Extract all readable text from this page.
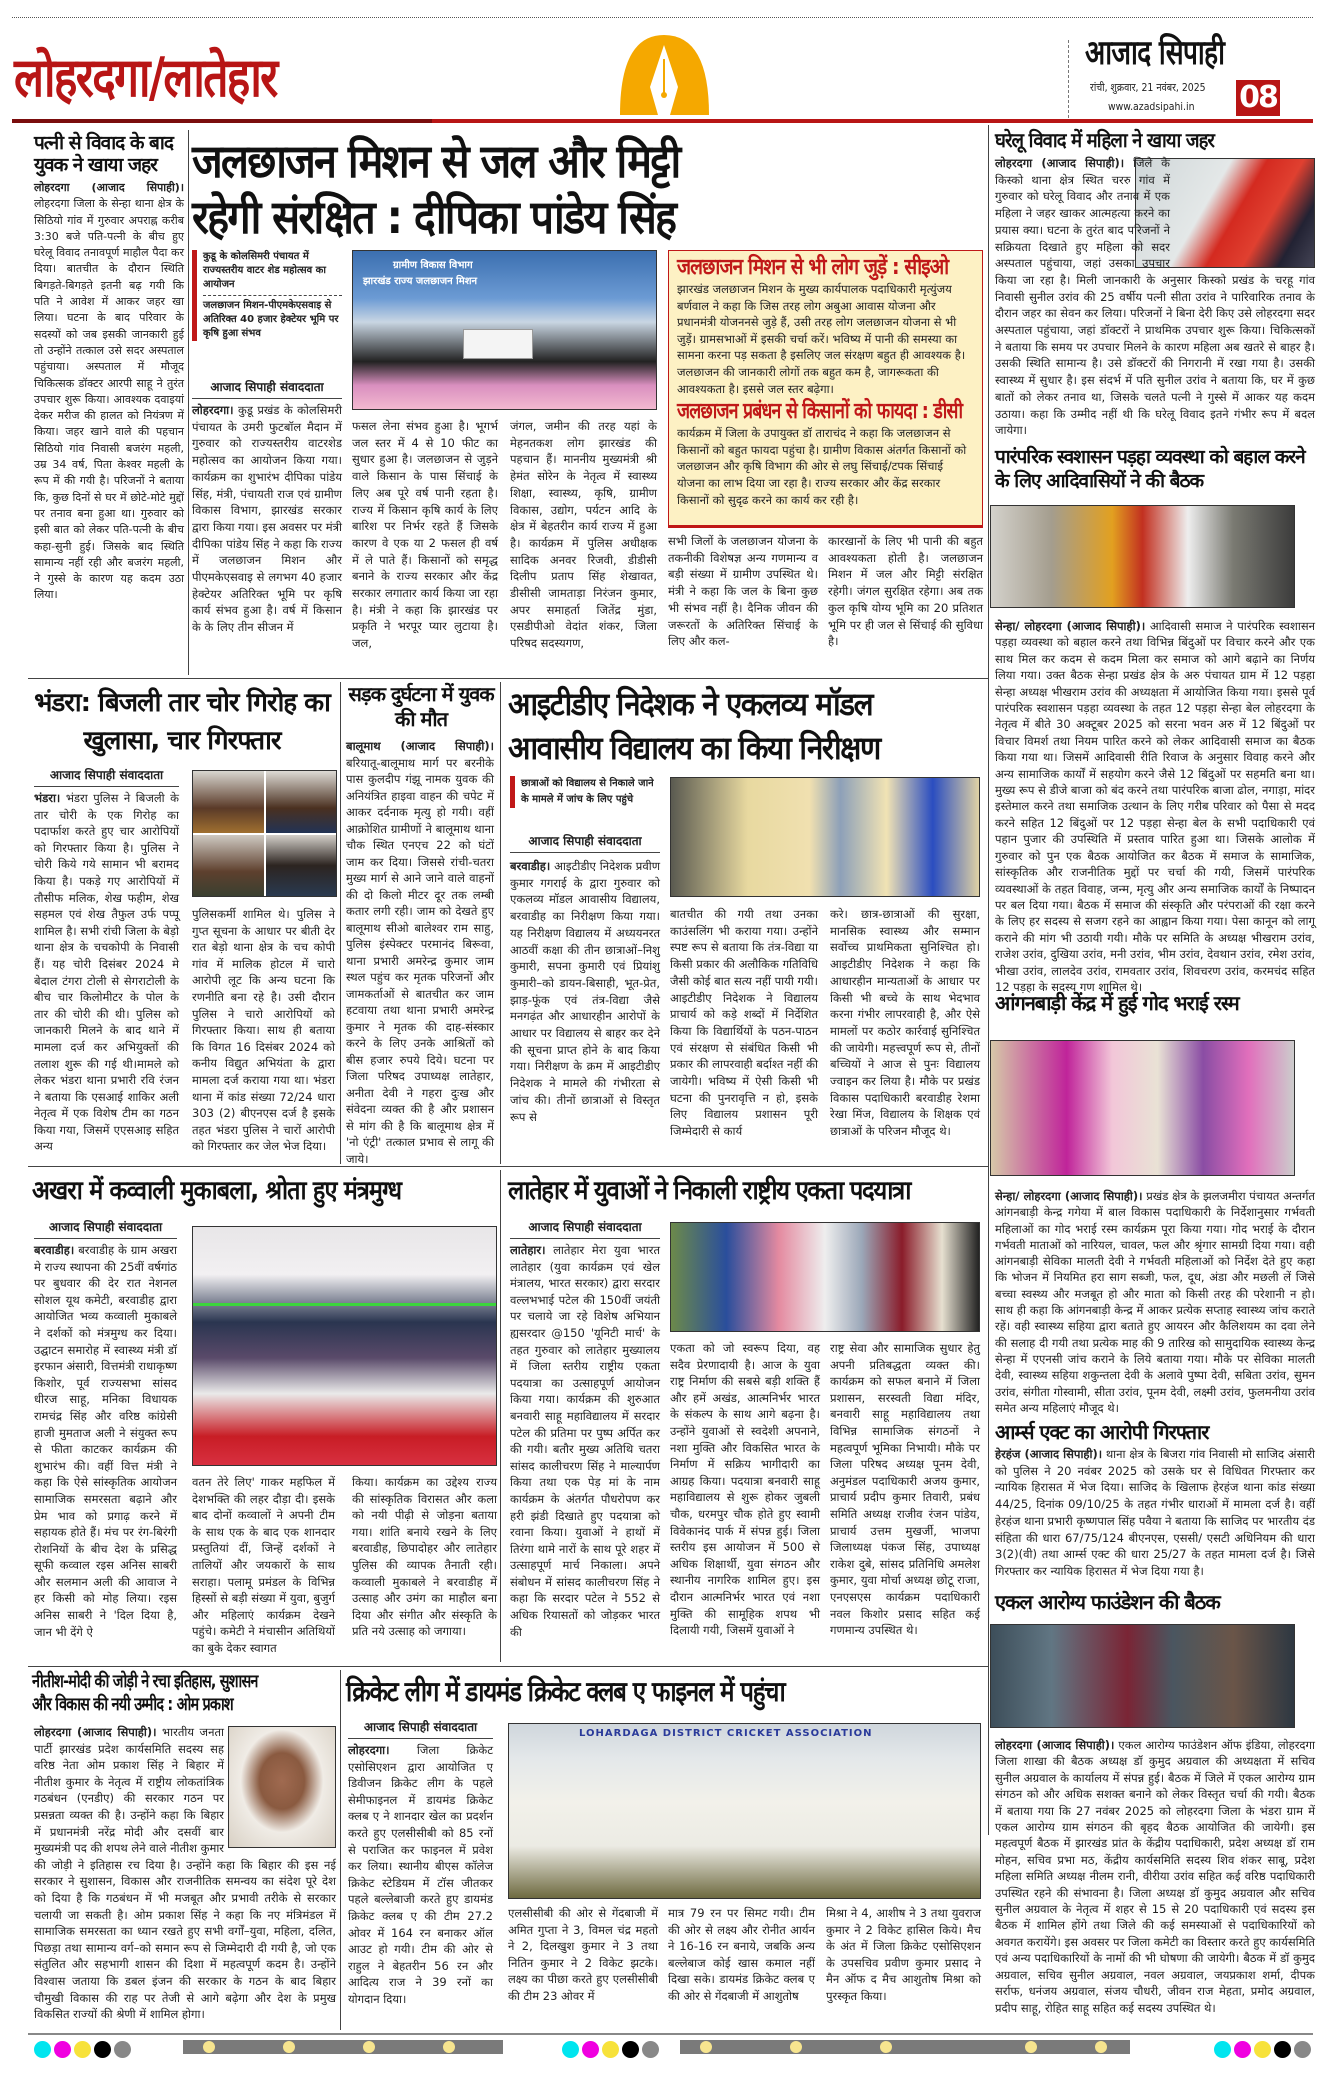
लोहरदगा/लातेहार	आजाद सिपाही
रांची, शुक्रवार, 21 नवंबर, 2025
www.azadsipahi.in 08
पत्नी से विवाद के बाद युवक ने खाया जहर
लोहरदगा (आजाद सिपाही)। लोहरदगा जिला के सेन्हा थाना क्षेत्र के सिठियो गांव में गुरुवार अपराह्न करीब 3:30 बजे पति-पत्नी के बीच हुए घरेलू विवाद तनावपूर्ण माहौल पैदा कर दिया। बातचीत के दौरान स्थिति बिगड़ते-बिगड़ते इतनी बढ़ गयी कि पति ने आवेश में आकर जहर खा लिया। घटना के बाद परिवार के सदस्यों को जब इसकी जानकारी हुई तो उन्होंने तत्काल उसे सदर अस्पताल पहुंचाया। अस्पताल में मौजूद चिकित्सक डॉक्टर आरपी साहू ने तुरंत उपचार शुरू किया। आवश्यक दवाइयां देकर मरीज की हालत को नियंत्रण में किया। जहर खाने वाले की पहचान सिठियो गांव निवासी बजरंग महली, उम्र 34 वर्ष, पिता केश्वर महली के रूप में की गयी है। परिजनों ने बताया कि, कुछ दिनों से घर में छोटे-मोटे मुद्दों पर तनाव बना हुआ था। गुरुवार को इसी बात को लेकर पति-पत्नी के बीच कहा-सुनी हुई। जिसके बाद स्थिति सामान्य नहीं रही और बजरंग महली, ने गुस्से के कारण यह कदम उठा लिया।
जलछाजन मिशन से जल और मिट्टी
रहेगी संरक्षित : दीपिका पांडेय सिंह
कुडू के कोलसिमरी पंचायत में राज्यस्तरीय वाटर शेड महोत्सव का आयोजन
जलछाजन मिशन-पीएमकेएसवाइ से अतिरिक्त 40 हजार हेक्टेयर भूमि पर कृषि हुआ संभव
आजाद सिपाही संवाददाता
लोहरदगा। कुडू प्रखंड के कोलसिमरी पंचायत के उमरी फुटबॉल मैदान में गुरुवार को राज्यस्तरीय वाटरशेड महोत्सव का आयोजन किया गया। कार्यक्रम का शुभारंभ दीपिका पांडेय सिंह, मंत्री, पंचायती राज एवं ग्रामीण विकास विभाग, झारखंड सरकार द्वारा किया गया। इस अवसर पर मंत्री दीपिका पांडेय सिंह ने कहा कि राज्य में जलछाजन मिशन और पीएमकेएसवाइ से लगभग 40 हजार हेक्टेयर अतिरिक्त भूमि पर कृषि कार्य संभव हुआ है। वर्ष में किसान के के लिए तीन सीजन में
ग्रामीण विकास विभाग
झारखंड राज्य जलछाजन मिशन
फसल लेना संभव हुआ है। भूगर्भ जल स्तर में 4 से 10 फीट का सुधार हुआ है। जलछाजन से जुड़ने वाले किसान के पास सिंचाई के लिए अब पूरे वर्ष पानी रहता है। राज्य में किसान कृषि कार्य के लिए बारिश पर निर्भर रहते हैं जिसके कारण वे एक या 2 फसल ही वर्ष में ले पाते हैं। किसानों को समृद्ध बनाने के राज्य सरकार और केंद्र सरकार लगातार कार्य किया जा रहा है। मंत्री ने कहा कि झारखंड पर प्रकृति ने भरपूर प्यार लुटाया है। जल,
जंगल, जमीन की तरह यहां के मेहनतकश लोग झारखंड की पहचान हैं। माननीय मुख्यमंत्री श्री हेमंत सोरेन के नेतृत्व में स्वास्थ्य शिक्षा, स्वास्थ्य, कृषि, ग्रामीण विकास, उद्योग, पर्यटन आदि के क्षेत्र में बेहतरीन कार्य राज्य में हुआ है। कार्यक्रम में पुलिस अधीक्षक सादिक अनवर रिजवी, डीडीसी दिलीप प्रताप सिंह शेखावत, डीसीसी जामताड़ा निरंजन कुमार, अपर समाहर्ता जितेंद्र मुंडा, एसडीपीओ वेदांत शंकर, जिला परिषद सदस्यगण,
जलछाजन मिशन से भी लोग जुड़ें : सीइओ

झारखंड जलछाजन मिशन के मुख्य कार्यपालक पदाधिकारी मृत्युंजय बर्णवाल ने कहा कि जिस तरह लोग अबुआ आवास योजना और प्रधानमंत्री योजननसे जुड़े हैं, उसी तरह लोग जलछाजन योजना से भी जुड़ें। ग्रामसभाओं में इसकी चर्चा करें। भविष्य में पानी की समस्या का सामना करना पड़ सकता है इसलिए जल संरक्षण बहुत ही आवश्यक है। जलछाजन की जानकारी लोगों तक बहुत कम है, जागरूकता की आवश्यकता है। इससे जल स्तर बढ़ेगा।

जलछाजन प्रबंधन से किसानों को फायदा : डीसी

कार्यक्रम में जिला के उपायुक्त डॉ ताराचंद ने कहा कि जलछाजन से किसानों को बहुत फायदा पहुंचा है। ग्रामीण विकास अंतर्गत किसानों को जलछाजन और कृषि विभाग की ओर से लघु सिंचाई/टपक सिंचाई योजना का लाभ दिया जा रहा है। राज्य सरकार और केंद्र सरकार किसानों को सुदृढ करने का कार्य कर रही है।

सभी जिलों के जलछाजन योजना के तकनीकी विशेषज्ञ अन्य गणमान्य व बड़ी संख्या में ग्रामीण उपस्थित थे। मंत्री ने कहा कि जल के बिना कुछ भी संभव नहीं है। दैनिक जीवन की जरूरतों के अतिरिक्त सिंचाई के लिए और कल-
कारखानों के लिए भी पानी की बहुत आवश्यकता होती है। जलछाजन मिशन में जल और मिट्टी संरक्षित रहेगी। जंगल सुरक्षित रहेगा। अब तक कुल कृषि योग्य भूमि का 20 प्रतिशत भूमि पर ही जल से सिंचाई की सुविधा है।
घरेलू विवाद में महिला ने खाया जहर
लोहरदगा (आजाद सिपाही)। जिले के किस्को थाना क्षेत्र स्थित चररु गांव में गुरुवार को घरेलू विवाद और तनाव में एक महिला ने जहर खाकर आत्महत्या करने का प्रयास क्या। घटना के तुरंत बाद परिजनों ने सक्रियता दिखाते हुए महिला को सदर अस्पताल पहुंचाया, जहां उसका उपचार किया जा रहा है। मिली जानकारी के अनुसार किस्को प्रखंड के चरहू गांव निवासी सुनील उरांव की 25 वर्षीय पत्नी सीता उरांव ने पारिवारिक तनाव के दौरान जहर का सेवन कर लिया। परिजनों ने बिना देरी किए उसे लोहरदगा सदर अस्पताल पहुंचाया, जहां डॉक्टरों ने प्राथमिक उपचार शुरू किया। चिकित्सकों ने बताया कि समय पर उपचार मिलने के कारण महिला अब खतरे से बाहर है। उसकी स्थिति सामान्य है। उसे डॉक्टरों की निगरानी में रखा गया है। उसकी स्वास्थ्य में सुधार है। इस संदर्भ में पति सुनील उरांव ने बताया कि, घर में कुछ बातों को लेकर तनाव था, जिसके चलते पत्नी ने गुस्से में आकर यह कदम उठाया। कहा कि उम्मीद नहीं थी कि घरेलू विवाद इतने गंभीर रूप में बदल जायेगा।
पारंपरिक स्वशासन पड़हा व्यवस्था को बहाल करने के लिए आदिवासियों ने की बैठक
सेन्हा/ लोहरदगा (आजाद सिपाही)। आदिवासी समाज ने पारंपरिक स्वशासन पड़हा व्यवस्था को बहाल करने तथा विभिन्न बिंदुओं पर विचार करने और एक साथ मिल कर कदम से कदम मिला कर समाज को आगे बढ़ाने का निर्णय लिया गया। उक्त बैठक सेन्हा प्रखंड क्षेत्र के अरु पंचायत ग्राम में 12 पड़हा सेन्हा अध्यक्ष भीखराम उरांव की अध्यक्षता में आयोजित किया गया। इससे पूर्व पारंपरिक स्वशासन पड़हा व्यवस्था के तहत 12 पड़हा सेन्हा बेल लोहरदगा के नेतृत्व में बीते 30 अक्टूबर 2025 को सरना भवन अरु में 12 बिंदुओं पर विचार विमर्श तथा नियम पारित करने को लेकर आदिवासी समाज का बैठक किया गया था। जिसमें आदिवासी रीति रिवाज के अनुसार विवाह करने और अन्य सामाजिक कार्यों में सहयोग करने जैसे 12 बिंदुओं पर सहमति बना था। मुख्य रूप से डीजे बाजा को बंद करने तथा पारंपरिक बाजा ढोल, नगाड़ा, मांदर इस्तेमाल करने तथा समाजिक उत्थान के लिए गरीब परिवार को पैसा से मदद करने सहित 12 बिंदुओं पर 12 पड़हा सेन्हा बेल के सभी पदाधिकारी एवं पहान पुजार की उपस्थिति में प्रस्ताव पारित हुआ था। जिसके आलोक में गुरुवार को पुन एक बैठक आयोजित कर बैठक में समाज के सामाजिक, सांस्कृतिक और राजनीतिक मुद्दों पर चर्चा की गयी, जिसमें पारंपरिक व्यवस्थाओं के तहत विवाह, जन्म, मृत्यु और अन्य समाजिक कार्यों के निष्पादन पर बल दिया गया। बैठक में समाज की संस्कृति और परंपराओं की रक्षा करने के लिए हर सदस्य से सजग रहने का आह्वान किया गया। पेसा कानून को लागू कराने की मांग भी उठायी गयी। मौके पर समिति के अध्यक्ष भीखराम उरांव, राजेश उरांव, दुखिया उरांव, मनी उरांव, भीम उरांव, देवथान उरांव, रमेश उरांव, भीखा उरांव, लालदेव उरांव, रामवतार उरांव, शिवचरण उरांव, करमचंद सहित 12 पड़हा के सदस्य गण शामिल थे।
आंगनबाड़ी केंद्र में हुई गोद भराई रस्म
सेन्हा/ लोहरदगा (आजाद सिपाही)। प्रखंड क्षेत्र के झलजमीरा पंचायत अन्तर्गत आंगनबाड़ी केन्द्र गगेया में बाल विकास पदाधिकारी के निर्देशानुसार गर्भवती महिलाओं का गोद भराई रस्म कार्यक्रम पूरा किया गया। गोद भराई के दौरान गर्भवती माताओं को नारियल, चावल, फल और श्रृंगार सामग्री दिया गया। वही आंगनबाड़ी सेविका मालती देवी ने गर्भवती महिलाओं को निर्देश देते हुए कहा कि भोजन में नियमित हरा साग सब्जी, फल, दूध, अंडा और मछली लें जिसे बच्चा स्वस्थ्य और मजबूत हो और माता को किसी तरह की परेशानी न हो। साथ ही कहा कि आंगनबाड़ी केन्द्र में आकर प्रत्येक सप्ताह स्वास्थ्य जांच कराते रहें। वही स्वास्थ्य सहिया द्वारा बताते हुए आयरन और कैलिशयम का दवा लेने की सलाह दी गयी तथा प्रत्येक माह की 9 तारिख को सामुदायिक स्वास्थ्य केन्द्र सेन्हा में एएनसी जांच कराने के लिये बताया गया। मौके पर सेविका मालती देवी, स्वास्थ्य सहिया शकुन्तला देवी के अलावे पुष्पा देवी, सबिता उरांव, सुमन उरांव, संगीता गोस्वामी, सीता उरांव, पूनम देवी, लक्ष्मी उरांव, फुलमनीया उरांव समेत अन्य महिलाएं मौजूद थे।
आर्म्स एक्ट का आरोपी गिरफ्तार
हेरहंज (आजाद सिपाही)। थाना क्षेत्र के बिजरा गांव निवासी मो साजिद अंसारी को पुलिस ने 20 नवंबर 2025 को उसके घर से विधिवत गिरफ्तार कर न्यायिक हिरासत में भेज दिया। साजिद के खिलाफ हेरहंज थाना कांड संख्या 44/25, दिनांक 09/10/25 के तहत गंभीर धाराओं में मामला दर्ज है। वहीं हेरहंज थाना प्रभारी कृष्णपाल सिंह पवैया ने बताया कि साजिद पर भारतीय दंड संहिता की धारा 67/75/124 बीएनएस, एससी/ एसटी अधिनियम की धारा 3(2)(वी) तथा आर्म्स एक्ट की धारा 25/27 के तहत मामला दर्ज है। जिसे गिरफ्तार कर न्यायिक हिरासत में भेज दिया गया है।
एकल आरोग्य फाउंडेशन की बैठक
लोहरदगा (आजाद सिपाही)। एकल आरोग्य फाउंडेशन ऑफ इंडिया, लोहरदगा जिला शाखा की बैठक अध्यक्ष डॉ कुमुद अग्रवाल की अध्यक्षता में सचिव सुनील अग्रवाल के कार्यालय में संपन्न हुई। बैठक में जिले में एकल आरोग्य ग्राम संगठन को और अधिक सशक्त बनाने को लेकर विस्तृत चर्चा की गयी। बैठक में बताया गया कि 27 नवंबर 2025 को लोहरदगा जिला के भंडरा ग्राम में एकल आरोग्य ग्राम संगठन की बृहद बैठक आयोजित की जायेगी। इस महत्वपूर्ण बैठक में झारखंड प्रांत के केंद्रीय पदाधिकारी, प्रदेश अध्यक्ष डॉ राम मोहन, सचिव प्रभा मठ, केंद्रीय कार्यसमिति सदस्य शिव शंकर साबू, प्रदेश महिला समिति अध्यक्ष नीलम रानी, वीरीया उरांव सहित कई वरिष्ठ पदाधिकारी उपस्थित रहने की संभावना है। जिला अध्यक्ष डॉ कुमुद अग्रवाल और सचिव सुनील अग्रवाल के नेतृत्व में शहर से 15 से 20 पदाधिकारी एवं सदस्य इस बैठक में शामिल होंगे तथा जिले की कई समस्याओं से पदाधिकारियों को अवगत करायेंगे। इस अवसर पर जिला कमेटी का विस्तार करते हुए कार्यसमिति एवं अन्य पदाधिकारियों के नामों की भी घोषणा की जायेगी। बैठक में डॉ कुमुद अग्रवाल, सचिव सुनील अग्रवाल, नवल अग्रवाल, जयप्रकाश शर्मा, दीपक सर्राफ, धनंजय अग्रवाल, संजय चौधरी, जीवन राज मेहता, प्रमोद अग्रवाल, प्रदीप साहू, रोहित साहू सहित कई सदस्य उपस्थित थे।
भंडरा: बिजली तार चोर गिरोह का खुलासा, चार गिरफ्तार
आजाद सिपाही संवाददाता
भंडरा। भंडरा पुलिस ने बिजली के तार चोरी के एक गिरोह का पदार्फाश करते हुए चार आरोपियों को गिरफ्तार किया है। पुलिस ने चोरी किये गये सामान भी बरामद किया है। पकड़े गए आरोपियों में तौसीफ मलिक, शेख फहीम, शेख सहमल एवं शेख तैफुल उर्फ पप्पू शामिल है। सभी रांची जिला के बेड़ो थाना क्षेत्र के चचकोपी के निवासी हैं। यह चोरी दिसंबर 2024 मे बेदाल टंगरा टोली से सेगराटोली के बीच चार किलोमीटर के पोल के तार की चोरी की थी। पुलिस को जानकारी मिलने के बाद थाने में मामला दर्ज कर अभियुक्तों की तलाश शुरू की गई थी।मामले को लेकर भंडरा थाना प्रभारी रवि रंजन ने बताया कि एसआई शाकिर अली नेतृत्व में एक विशेष टीम का गठन किया गया, जिसमें एएसआइ सहित अन्य
पुलिसकर्मी शामिल थे। पुलिस ने गुप्त सूचना के आधार पर बीती देर रात बेड़ो थाना क्षेत्र के चच कोपी गांव में मालिक होटल में चारो आरोपी लूट कि अन्य घटना कि रणनीति बना रहे है। उसी दौरान पुलिस ने चारो आरोपियों को गिरफ्तार किया। साथ ही बताया कि विगत 16 दिसंबर 2024 को कनीय विद्युत अभियंता के द्वारा मामला दर्ज कराया गया था। भंडरा थाना में कांड संख्या 72/24 धारा 303 (2) बीएनएस दर्ज है इसके तहत भंडरा पुलिस ने चारों आरोपी को गिरफ्तार कर जेल भेज दिया।
सड़क दुर्घटना में युवक की मौत
बालूमाथ (आजाद सिपाही)। बरियातू-बालूमाथ मार्ग पर बरनीके पास कुलदीप गंझू नामक युवक की अनियंत्रित हाइवा वाहन की चपेट में आकर दर्दनाक मृत्यु हो गयी। वहीं आक्रोशित ग्रामीणों ने बालूमाथ थाना चौक स्थित एनएच 22 को घंटों जाम कर दिया। जिससे रांची-चतरा मुख्य मार्ग से आने जाने वाले वाहनों की दो किलो मीटर दूर तक लम्बी कतार लगी रही। जाम को देखते हुए बालूमाथ सीओ बालेश्वर राम साहु, पुलिस इंस्पेक्टर परमानंद बिरूवा, थाना प्रभारी अमरेन्द्र कुमार जाम स्थल पहुंच कर मृतक परिजनों और जामकर्ताओं से बातचीत कर जाम हटवाया तथा थाना प्रभारी अमरेन्द्र कुमार ने मृतक की दाह-संस्कार करने के लिए उनके आश्रितों को बीस हजार रुपये दिये। घटना पर जिला परिषद उपाध्यक्ष लातेहार, अनीता देवी ने गहरा दुःख और संवेदना व्यक्त की है और प्रशासन से मांग की है कि बालूमाथ क्षेत्र में 'नो एंट्री' तत्काल प्रभाव से लागू की जाये।
आइटीडीए निदेशक ने एकलव्य मॉडल
आवासीय विद्यालय का किया निरीक्षण
छात्राओं को विद्यालय से निकाले जाने के मामले में जांच के लिए पहुंचे
आजाद सिपाही संवाददाता
बरवाडीह। आइटीडीए निदेशक प्रवीण कुमार गगराई के द्वारा गुरुवार को एकलव्य मॉडल आवासीय विद्यालय, बरवाडीह का निरीक्षण किया गया। यह निरीक्षण विद्यालय में अध्ययनरत आठवीं कक्षा की तीन छात्राओं–निशु कुमारी, सपना कुमारी एवं प्रियांशु कुमारी–को डायन-बिसाही, भूत-प्रेत, झाड़-फूंक एवं तंत्र-विद्या जैसे मनगढ़ंत और आधारहीन आरोपों के आधार पर विद्यालय से बाहर कर देने की सूचना प्राप्त होने के बाद किया गया। निरीक्षण के क्रम में आइटीडीए निदेशक ने मामले की गंभीरता से जांच की। तीनों छात्राओं से विस्तृत रूप से
बातचीत की गयी तथा उनका काउंसलिंग भी कराया गया। उन्होंने स्पष्ट रूप से बताया कि तंत्र-विद्या या किसी प्रकार की अलौकिक गतिविधि जैसी कोई बात सत्य नहीं पायी गयी। आइटीडीए निदेशक ने विद्यालय प्राचार्य को कड़े शब्दों में निर्देशित किया कि विद्यार्थियों के पठन-पाठन एवं संरक्षण से संबंधित किसी भी प्रकार की लापरवाही बर्दाश्त नहीं की जायेगी। भविष्य में ऐसी किसी भी घटना की पुनरावृत्ति न हो, इसके लिए विद्यालय प्रशासन पूरी जिम्मेदारी से कार्य
करे। छात्र-छात्राओं की सुरक्षा, मानसिक स्वास्थ्य और सम्मान सर्वोच्च प्राथमिकता सुनिश्चित हो। आइटीडीए निदेशक ने कहा कि आधारहीन मान्यताओं के आधार पर किसी भी बच्चे के साथ भेदभाव करना गंभीर लापरवाही है, और ऐसे मामलों पर कठोर कार्रवाई सुनिश्चित की जायेगी। महत्त्वपूर्ण रूप से, तीनों बच्चियों ने आज से पुनः विद्यालय ज्वाइन कर लिया है। मौके पर प्रखंड विकास पदाधिकारी बरवाडीह रेशमा रेखा मिंज, विद्यालय के शिक्षक एवं छात्राओं के परिजन मौजूद थे।
अखरा में कव्वाली मुकाबला, श्रोता हुए मंत्रमुग्ध
आजाद सिपाही संवाददाता
बरवाडीह। बरवाडीह के ग्राम अखरा मे राज्य स्थापना की 25वीं वर्षगांठ पर बुधवार की देर रात नेशनल सोशल यूथ कमेटी, बरवाडीह द्वारा आयोजित भव्य कव्वाली मुकाबले ने दर्शकों को मंत्रमुग्ध कर दिया। उद्घाटन समारोह में स्वास्थ्य मंत्री डॉ इरफान अंसारी, वित्तमंत्री राधाकृष्ण किशोर, पूर्व राज्यसभा सांसद धीरज साहू, मनिका विधायक रामचंद्र सिंह और वरिष्ठ कांग्रेसी हाजी मुमताज अली ने संयुक्त रूप से फीता काटकर कार्यक्रम की शुभारंभ की। वहीं वित्त मंत्री ने कहा कि ऐसे सांस्कृतिक आयोजन सामाजिक समरसता बढ़ाने और प्रेम भाव को प्रगाढ़ करने में सहायक होते हैं। मंच पर रंग-बिरंगी रोशनियों के बीच देश के प्रसिद्ध सूफी कव्वाल रइस अनिस साबरी और सलमान अली की आवाज ने हर किसी को मोह लिया। रइस अनिस साबरी ने 'दिल दिया है, जान भी देंगे ऐ
वतन तेरे लिए' गाकर महफिल में देशभक्ति की लहर दौड़ा दी। इसके बाद दोनों कव्वालों ने अपनी टीम के साथ एक के बाद एक शानदार प्रस्तुतियां दीं, जिन्हें दर्शकों ने तालियों और जयकारों के साथ सराहा। पलामू प्रमंडल के विभिन्न हिस्सों से बड़ी संख्या में युवा, बुजुर्ग और महिलाएं कार्यक्रम देखने पहुंचे। कमेटी ने मंचासीन अतिथियों का बुके देकर स्वागत
किया। कार्यक्रम का उद्देश्य राज्य की सांस्कृतिक विरासत और कला को नयी पीढ़ी से जोड़ना बताया गया। शांति बनाये रखने के लिए बरवाडीह, छिपादोहर और लातेहार पुलिस की व्यापक तैनाती रही। कव्वाली मुकाबले ने बरवाडीह में उत्साह और उमंग का माहौल बना दिया और संगीत और संस्कृति के प्रति नये उत्साह को जगाया।
लातेहार में युवाओं ने निकाली राष्ट्रीय एकता पदयात्रा
आजाद सिपाही संवाददाता
लातेहार। लातेहार मेरा युवा भारत लातेहार (युवा कार्यक्रम एवं खेल मंत्रालय, भारत सरकार) द्वारा सरदार वल्लभभाई पटेल की 150वीं जयंती पर चलाये जा रहे विशेष अभियान ह्यसरदार @150 'यूनिटी मार्च' के तहत गुरुवार को लातेहार मुख्यालय में जिला स्तरीय राष्ट्रीय एकता पदयात्रा का उत्साहपूर्ण आयोजन किया गया। कार्यक्रम की शुरुआत बनवारी साहू महाविद्यालय में सरदार पटेल की प्रतिमा पर पुष्प अर्पित कर की गयी। बतौर मुख्य अतिथि चतरा सांसद कालीचरण सिंह ने माल्यार्पण किया तथा एक पेड़ मां के नाम कार्यक्रम के अंतर्गत पौधरोपण कर हरी झंडी दिखाते हुए पदयात्रा को रवाना किया। युवाओं ने हाथों में तिरंगा थामे नारों के साथ पूरे शहर में उत्साहपूर्ण मार्च निकाला। अपने संबोधन में सांसद कालीचरण सिंह ने कहा कि सरदार पटेल ने 552 से अधिक रियासतों को जोड़कर भारत की
एकता को जो स्वरूप दिया, वह सदैव प्रेरणादायी है। आज के युवा राष्ट्र निर्माण की सबसे बड़ी शक्ति हैं और हमें अखंड, आत्मनिर्भर भारत के संकल्प के साथ आगे बढ़ना है। उन्होंने युवाओं से स्वदेशी अपनाने, नशा मुक्ति और विकसित भारत के निर्माण में सक्रिय भागीदारी का आग्रह किया। पदयात्रा बनवारी साहू महाविद्यालय से शुरू होकर जुबली चौक, धरमपुर चौक होते हुए स्वामी विवेकानंद पार्क में संपन्न हुई। जिला स्तरीय इस आयोजन में 500 से अधिक शिक्षार्थी, युवा संगठन और स्थानीय नागरिक शामिल हुए। इस दौरान आत्मनिर्भर भारत एवं नशा मुक्ति की सामूहिक शपथ भी दिलायी गयी, जिसमें युवाओं ने
राष्ट्र सेवा और सामाजिक सुधार हेतु अपनी प्रतिबद्धता व्यक्त की। कार्यक्रम को सफल बनाने में जिला प्रशासन, सरस्वती विद्या मंदिर, बनवारी साहू महाविद्यालय तथा विभिन्न सामाजिक संगठनों ने महत्वपूर्ण भूमिका निभायी। मौके पर जिला परिषद अध्यक्ष पूनम देवी, अनुमंडल पदाधिकारी अजय कुमार, प्राचार्य प्रदीप कुमार तिवारी, प्रबंध समिति अध्यक्ष राजीव रंजन पांडेय, प्राचार्य उत्तम मुखर्जी, भाजपा जिलाध्यक्ष पंकज सिंह, उपाध्यक्ष राकेश दुबे, सांसद प्रतिनिधि अमलेश कुमार, युवा मोर्चा अध्यक्ष छोटू राजा, एनएसएस कार्यक्रम पदाधिकारी नवल किशोर प्रसाद सहित कई गणमान्य उपस्थित थे।
नीतीश-मोदी की जोड़ी ने रचा इतिहास, सुशासन
और विकास की नयी उम्मीद : ओम प्रकाश
लोहरदगा (आजाद सिपाही)। भारतीय जनता पार्टी झारखंड प्रदेश कार्यसमिति सदस्य सह वरिष्ठ नेता ओम प्रकाश सिंह ने बिहार में नीतीश कुमार के नेतृत्व में राष्ट्रीय लोकतांत्रिक गठबंधन (एनडीए) की सरकार गठन पर प्रसन्नता व्यक्त की है। उन्होंने कहा कि बिहार में प्रधानमंत्री नरेंद्र मोदी और दसवीं बार मुख्यमंत्री पद की शपथ लेने वाले नीतीश कुमार की जोड़ी ने इतिहास रच दिया है। उन्होंने कहा कि बिहार की इस नई सरकार ने सुशासन, विकास और राजनीतिक समन्वय का संदेश पूरे देश को दिया है कि गठबंधन में भी मजबूत और प्रभावी तरीके से सरकार चलायी जा सकती है। ओम प्रकाश सिंह ने कहा कि नए मंत्रिमंडल में सामाजिक समरसता का ध्यान रखते हुए सभी वर्गों–युवा, महिला, दलित, पिछड़ा तथा सामान्य वर्ग–को समान रूप से जिम्मेदारी दी गयी है, जो एक संतुलित और सहभागी शासन की दिशा में महत्वपूर्ण कदम है। उन्होंने विश्वास जताया कि डबल इंजन की सरकार के गठन के बाद बिहार चौमुखी विकास की राह पर तेजी से आगे बढ़ेगा और देश के प्रमुख विकसित राज्यों की श्रेणी में शामिल होगा।
क्रिकेट लीग में डायमंड क्रिकेट क्लब ए फाइनल में पहुंचा
आजाद सिपाही संवाददाता
लोहरदगा। जिला क्रिकेट एसोसिएशन द्वारा आयोजित ए डिवीजन क्रिकेट लीग के पहले सेमीफाइनल में डायमंड क्रिकेट क्लब ए ने शानदार खेल का प्रदर्शन करते हुए एलसीसीबी को 85 रनों से पराजित कर फाइनल में प्रवेश कर लिया। स्थानीय बीएस कॉलेज क्रिकेट स्टेडियम में टॉस जीतकर पहले बल्लेबाजी करते हुए डायमंड क्रिकेट क्लब ए की टीम 27.2 ओवर में 164 रन बनाकर ऑल आउट हो गयी। टीम की ओर से राहुल ने बेहतरीन 56 रन और आदित्य राज ने 39 रनों का योगदान दिया।
LOHARDAGA DISTRICT CRICKET ASSOCIATION
एलसीसीबी की ओर से गेंदबाजी में अमित गुप्ता ने 3, विमल चंद्र महतो ने 2, दिलखुश कुमार ने 3 तथा नितिन कुमार ने 2 विकेट झटके। लक्ष्य का पीछा करते हुए एलसीसीबी की टीम 23 ओवर में
मात्र 79 रन पर सिमट गयी। टीम की ओर से लक्ष्य और रोनीत आर्यन ने 16-16 रन बनाये, जबकि अन्य बल्लेबाज कोई खास कमाल नहीं दिखा सके। डायमंड क्रिकेट क्लब ए की ओर से गेंदबाजी में आशुतोष
मिश्रा ने 4, आशीष ने 3 तथा युवराज कुमार ने 2 विकेट हासिल किये। मैच के अंत में जिला क्रिकेट एसोसिएशन के उपसचिव प्रवीण कुमार प्रसाद ने मैन ऑफ द मैच आशुतोष मिश्रा को पुरस्कृत किया।
